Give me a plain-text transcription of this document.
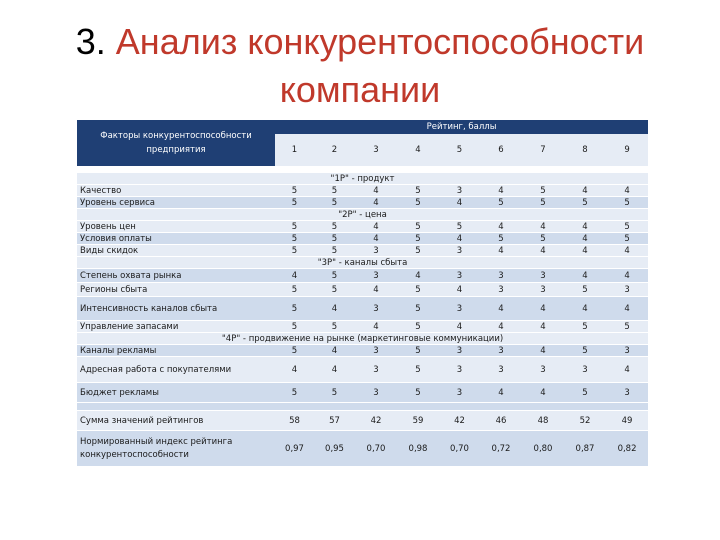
3. Анализ конкурентоспособности
компании
Факторы конкурентоспособности предприятия	Рейтинг, баллы								
	1	2	3	4	5	6	7	8	9

"1Р" - продукт									
Качество	5	5	4	5	3	4	5	4	4
Уровень сервиса	5	5	4	5	4	5	5	5	5
"2Р" - цена									
Уровень цен	5	5	4	5	5	4	4	4	5
Условия оплаты	5	5	4	5	4	5	5	4	5
Виды скидок	5	5	3	5	3	4	4	4	4
"3Р" - каналы сбыта									
Степень охвата рынка	4	5	3	4	3	3	3	4	4
Регионы сбыта	5	5	4	5	4	3	3	5	3
Интенсивность каналов сбыта	5	4	3	5	3	4	4	4	4
Управление запасами	5	5	4	5	4	4	4	5	5
"4Р" - продвижение на рынке (маркетинговые коммуникации)									
Каналы рекламы	5	4	3	5	3	3	4	5	3
Адресная работа с покупателями	4	4	3	5	3	3	3	3	4
Бюджет рекламы	5	5	3	5	3	4	4	5	3

Сумма значений рейтингов	58	57	42	59	42	46	48	52	49
Нормированный индекс рейтинга конкурентоспособности	0,97	0,95	0,70	0,98	0,70	0,72	0,80	0,87	0,82
